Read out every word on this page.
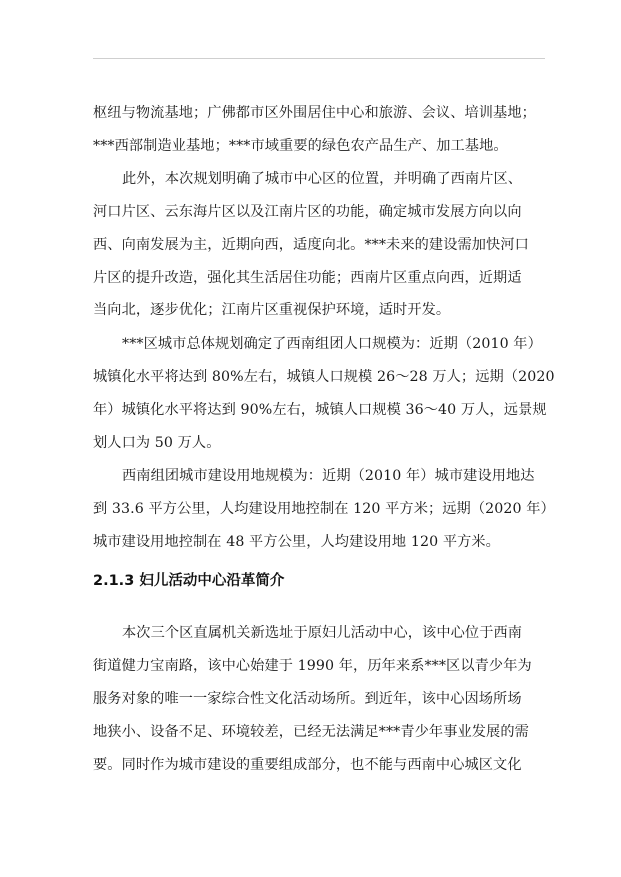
枢纽与物流基地；广佛都市区外围居住中心和旅游、会议、培训基地；
***西部制造业基地；***市域重要的绿色农产品生产、加工基地。
此外，本次规划明确了城市中心区的位置，并明确了西南片区、
河口片区、云东海片区以及江南片区的功能，确定城市发展方向以向
西、向南发展为主，近期向西，适度向北。***未来的建设需加快河口
片区的提升改造，强化其生活居住功能；西南片区重点向西，近期适
当向北，逐步优化；江南片区重视保护环境，适时开发。
***区城市总体规划确定了西南组团人口规模为：近期（2010 年）
城镇化水平将达到 80%左右，城镇人口规模 26～28 万人；远期（2020
年）城镇化水平将达到 90%左右，城镇人口规模 36～40 万人，远景规
划人口为 50 万人。
西南组团城市建设用地规模为：近期（2010 年）城市建设用地达
到 33.6 平方公里，人均建设用地控制在 120 平方米；远期（2020 年）
城市建设用地控制在 48 平方公里，人均建设用地 120 平方米。
2.1.3 妇儿活动中心沿革简介
本次三个区直属机关新选址于原妇儿活动中心，该中心位于西南
街道健力宝南路，该中心始建于 1990 年，历年来系***区以青少年为
服务对象的唯一一家综合性文化活动场所。到近年，该中心因场所场
地狭小、设备不足、环境较差，已经无法满足***青少年事业发展的需
要。同时作为城市建设的重要组成部分，也不能与西南中心城区文化
